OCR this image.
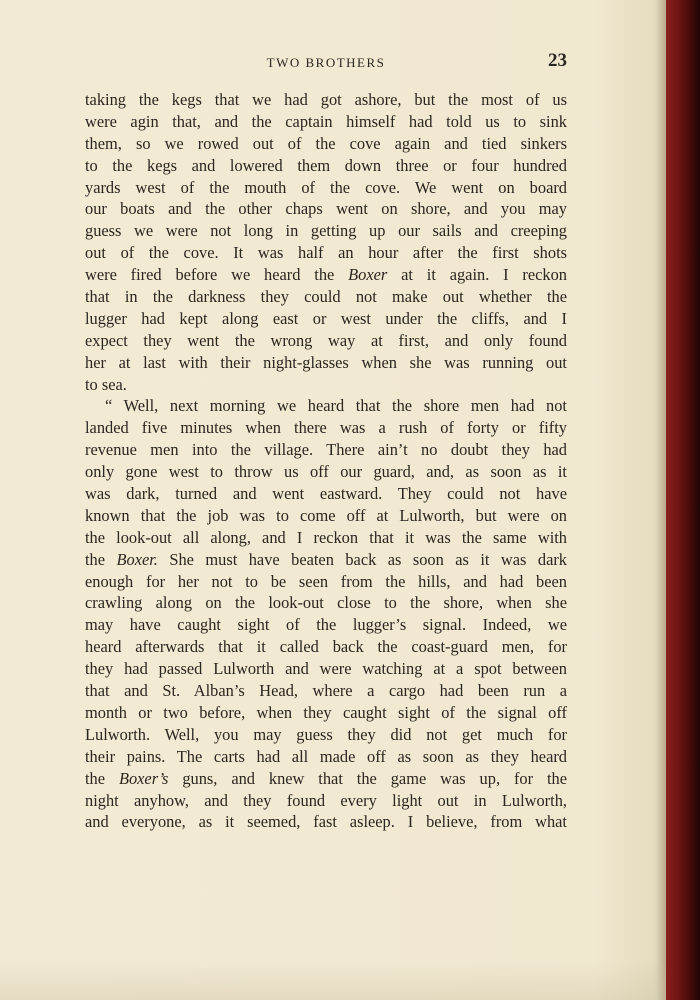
TWO BROTHERS	23
taking the kegs that we had got ashore, but the most of us
were agin that, and the captain himself had told us to sink
them, so we rowed out of the cove again and tied sinkers
to the kegs and lowered them down three or four hundred
yards west of the mouth of the cove. We went on board
our boats and the other chaps went on shore, and you may
guess we were not long in getting up our sails and creeping
out of the cove. It was half an hour after the first shots
were fired before we heard the Boxer at it again. I reckon
that in the darkness they could not make out whether the
lugger had kept along east or west under the cliffs, and I
expect they went the wrong way at first, and only found
her at last with their night-glasses when she was running out
to sea.
“ Well, next morning we heard that the shore men had not
landed five minutes when there was a rush of forty or fifty
revenue men into the village. There ain’t no doubt they had
only gone west to throw us off our guard, and, as soon as it
was dark, turned and went eastward. They could not have
known that the job was to come off at Lulworth, but were on
the look-out all along, and I reckon that it was the same with
the Boxer. She must have beaten back as soon as it was dark
enough for her not to be seen from the hills, and had been
crawling along on the look-out close to the shore, when she
may have caught sight of the lugger’s signal. Indeed, we
heard afterwards that it called back the coast-guard men, for
they had passed Lulworth and were watching at a spot between
that and St. Alban’s Head, where a cargo had been run a
month or two before, when they caught sight of the signal off
Lulworth. Well, you may guess they did not get much for
their pains. The carts had all made off as soon as they heard
the Boxer’s guns, and knew that the game was up, for the
night anyhow, and they found every light out in Lulworth,
and everyone, as it seemed, fast asleep. I believe, from what
